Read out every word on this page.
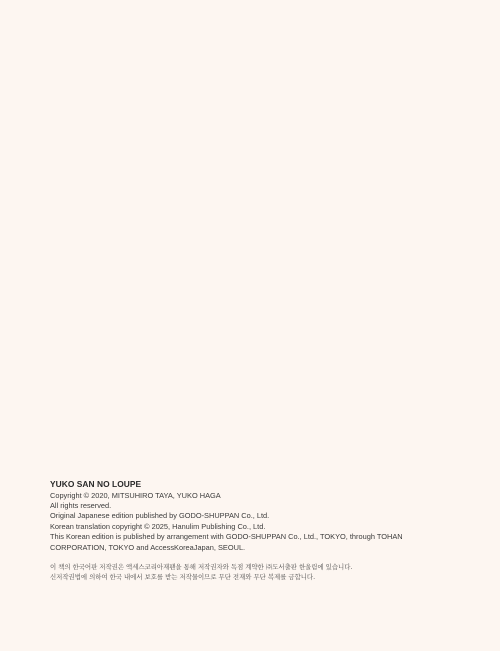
YUKO SAN NO LOUPE
Copyright © 2020, MITSUHIRO TAYA, YUKO HAGA
All rights reserved.
Original Japanese edition published by GODO-SHUPPAN Co., Ltd.
Korean translation copyright © 2025, Hanulim Publishing Co., Ltd.
This Korean edition is published by arrangement with GODO-SHUPPAN Co., Ltd., TOKYO, through TOHAN
CORPORATION, TOKYO and AccessKoreaJapan, SEOUL.
이 책의 한국어판 저작권은 액세스코리아재팬을 통해 저작권자와 독점 계약한 ㈜도서출판 한울림에 있습니다.
신저작권법에 의하여 한국 내에서 보호를 받는 저작물이므로 무단 전재와 무단 복제를 금합니다.
